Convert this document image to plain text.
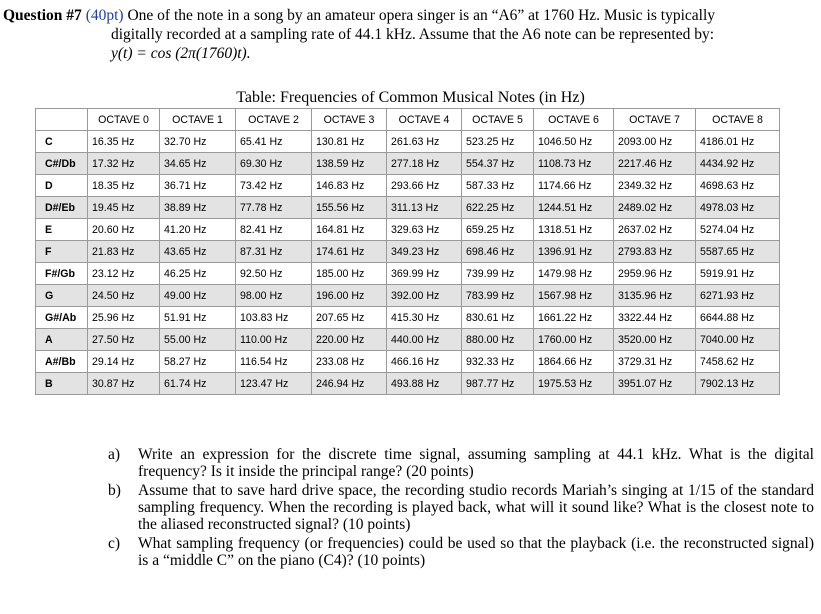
Question #7 (40pt) One of the note in a song by an amateur opera singer is an “A6” at 1760 Hz. Music is typically
digitally recorded at a sampling rate of 44.1 kHz. Assume that the A6 note can be represented by:
y(t) = cos (2π(1760)t).
Table: Frequencies of Common Musical Notes (in Hz)
	OCTAVE 0	OCTAVE 1	OCTAVE 2	OCTAVE 3	OCTAVE 4	OCTAVE 5	OCTAVE 6	OCTAVE 7	OCTAVE 8
C	16.35 Hz	32.70 Hz	65.41 Hz	130.81 Hz	261.63 Hz	523.25 Hz	1046.50 Hz	2093.00 Hz	4186.01 Hz
C#/Db	17.32 Hz	34.65 Hz	69.30 Hz	138.59 Hz	277.18 Hz	554.37 Hz	1108.73 Hz	2217.46 Hz	4434.92 Hz
D	18.35 Hz	36.71 Hz	73.42 Hz	146.83 Hz	293.66 Hz	587.33 Hz	1174.66 Hz	2349.32 Hz	4698.63 Hz
D#/Eb	19.45 Hz	38.89 Hz	77.78 Hz	155.56 Hz	311.13 Hz	622.25 Hz	1244.51 Hz	2489.02 Hz	4978.03 Hz
E	20.60 Hz	41.20 Hz	82.41 Hz	164.81 Hz	329.63 Hz	659.25 Hz	1318.51 Hz	2637.02 Hz	5274.04 Hz
F	21.83 Hz	43.65 Hz	87.31 Hz	174.61 Hz	349.23 Hz	698.46 Hz	1396.91 Hz	2793.83 Hz	5587.65 Hz
F#/Gb	23.12 Hz	46.25 Hz	92.50 Hz	185.00 Hz	369.99 Hz	739.99 Hz	1479.98 Hz	2959.96 Hz	5919.91 Hz
G	24.50 Hz	49.00 Hz	98.00 Hz	196.00 Hz	392.00 Hz	783.99 Hz	1567.98 Hz	3135.96 Hz	6271.93 Hz
G#/Ab	25.96 Hz	51.91 Hz	103.83 Hz	207.65 Hz	415.30 Hz	830.61 Hz	1661.22 Hz	3322.44 Hz	6644.88 Hz
A	27.50 Hz	55.00 Hz	110.00 Hz	220.00 Hz	440.00 Hz	880.00 Hz	1760.00 Hz	3520.00 Hz	7040.00 Hz
A#/Bb	29.14 Hz	58.27 Hz	116.54 Hz	233.08 Hz	466.16 Hz	932.33 Hz	1864.66 Hz	3729.31 Hz	7458.62 Hz
B	30.87 Hz	61.74 Hz	123.47 Hz	246.94 Hz	493.88 Hz	987.77 Hz	1975.53 Hz	3951.07 Hz	7902.13 Hz
a) Write an expression for the discrete time signal, assuming sampling at 44.1 kHz. What is the digital frequency? Is it inside the principal range? (20 points)
b) Assume that to save hard drive space, the recording studio records Mariah’s singing at 1/15 of the standard sampling frequency. When the recording is played back, what will it sound like? What is the closest note to the aliased reconstructed signal? (10 points)
c) What sampling frequency (or frequencies) could be used so that the playback (i.e. the reconstructed signal) is a “middle C” on the piano (C4)? (10 points)
